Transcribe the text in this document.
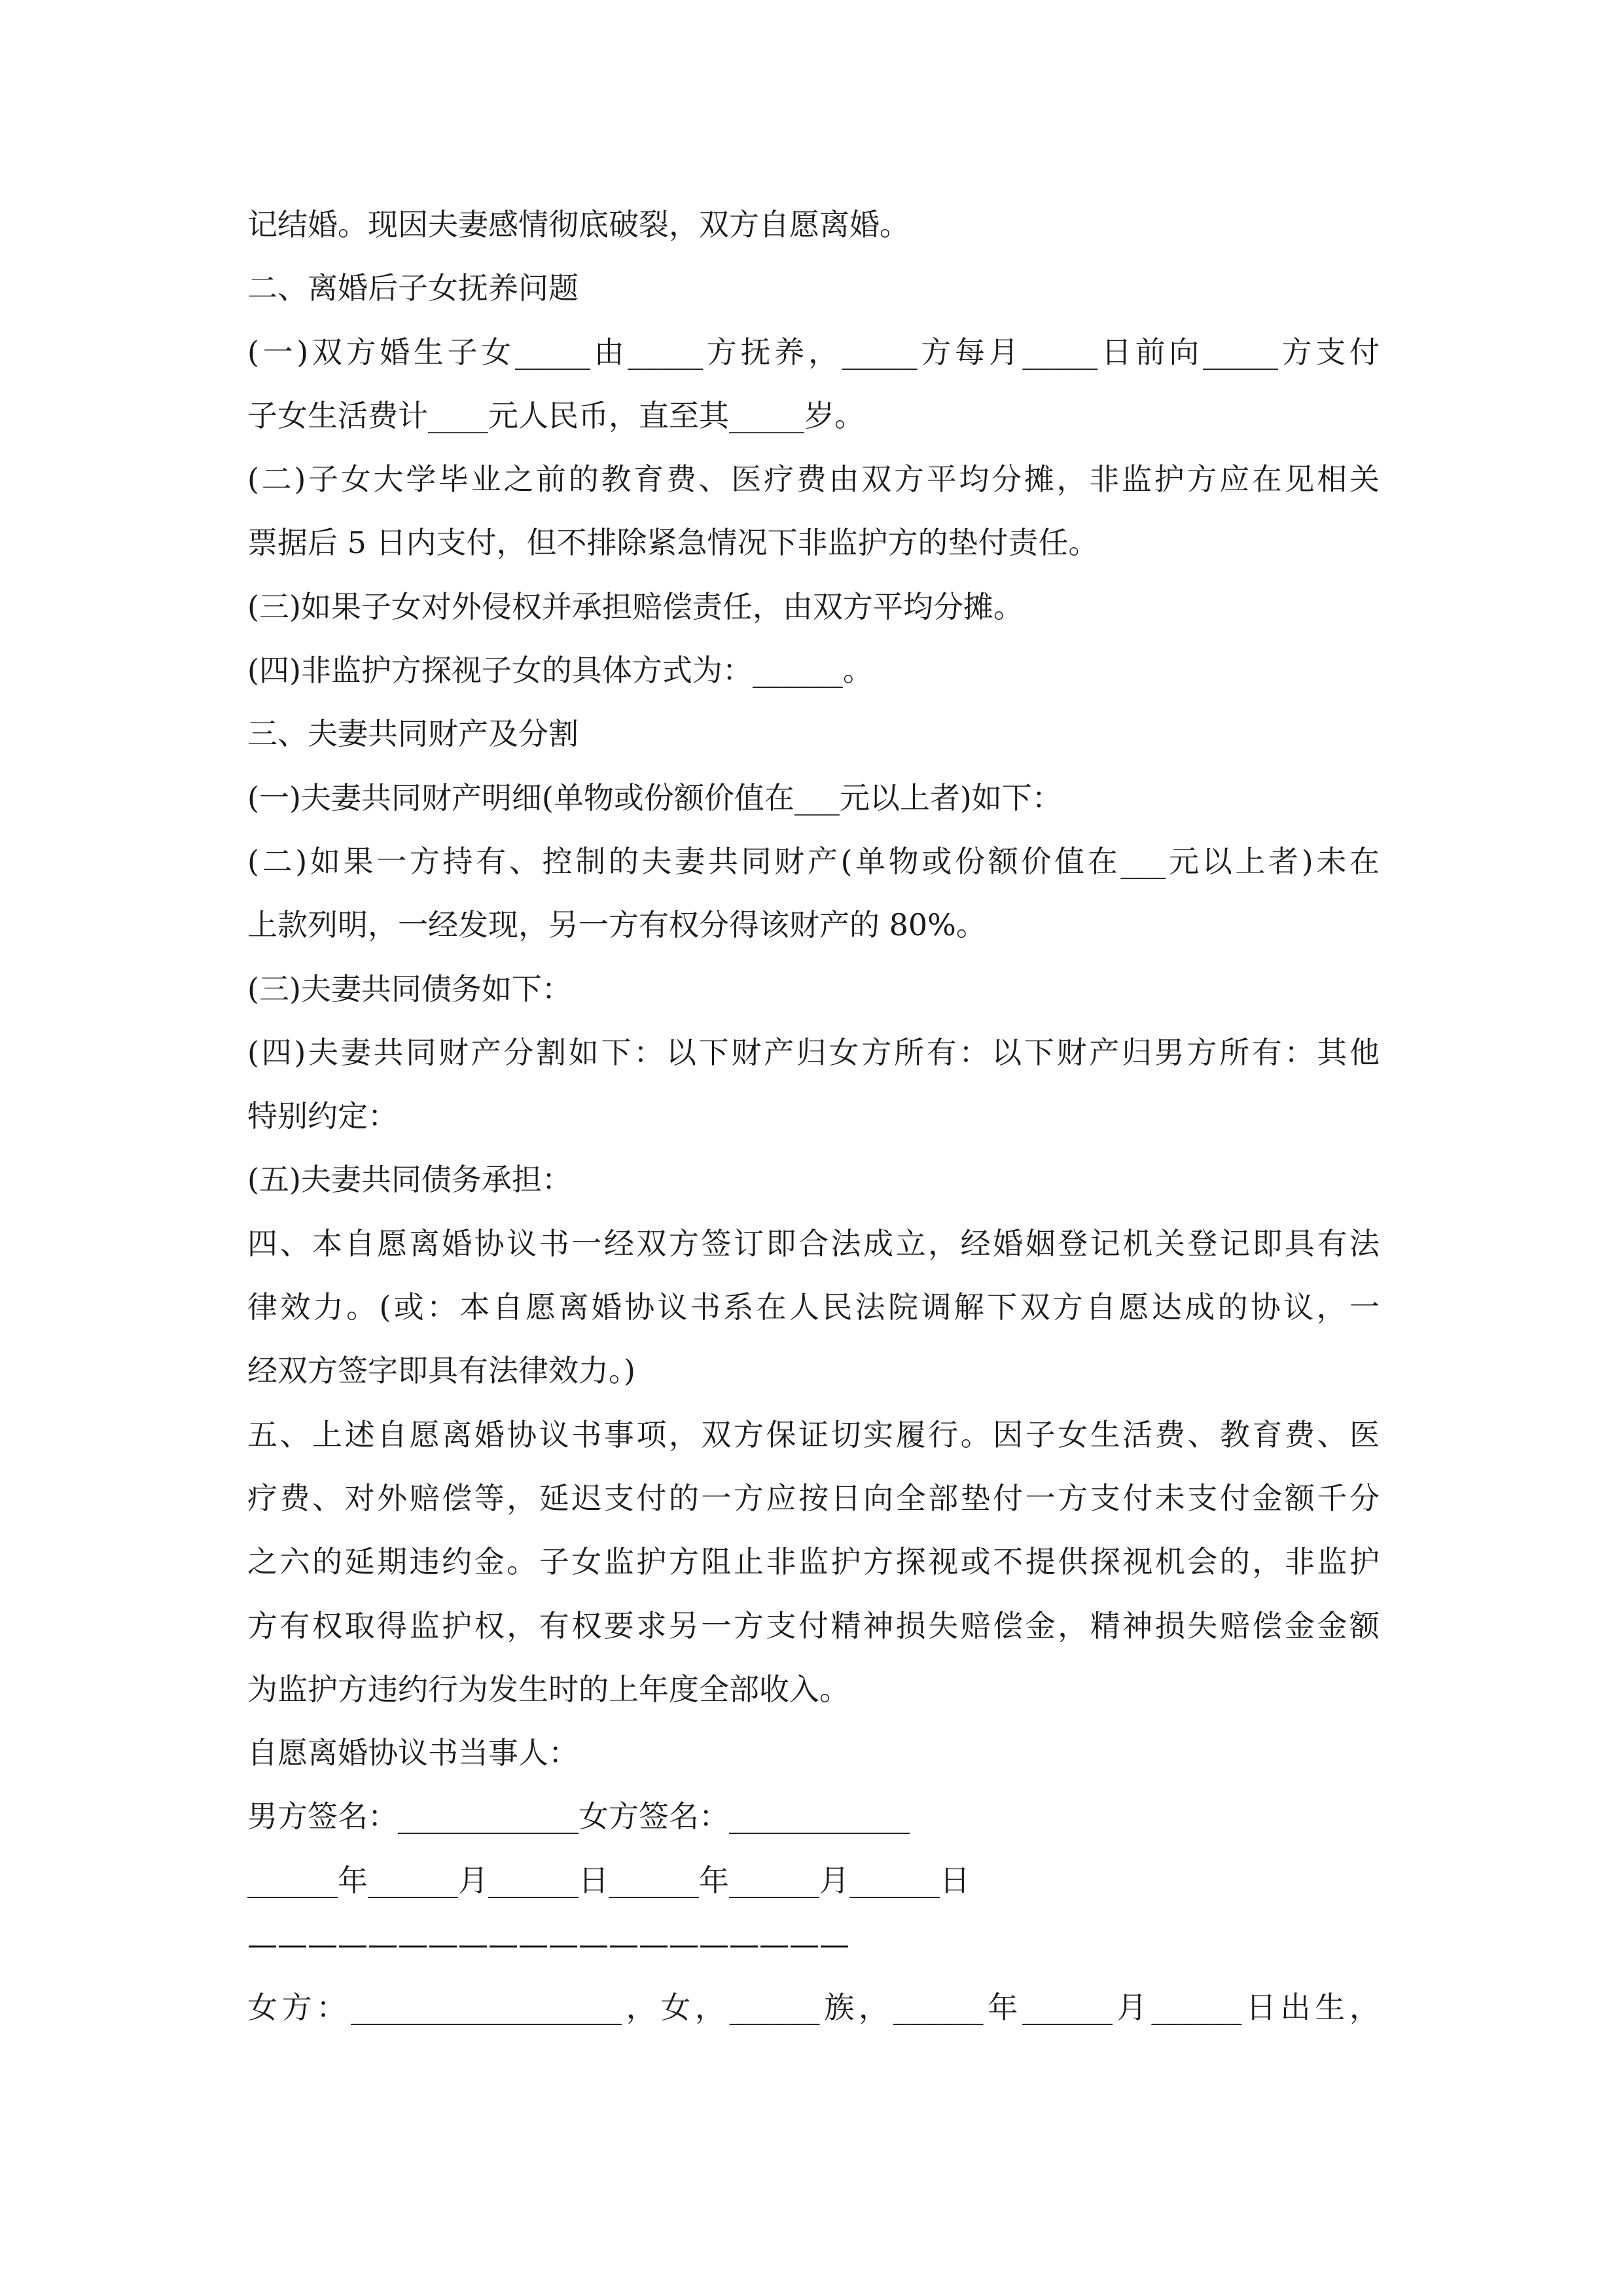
记结婚。现因夫妻感情彻底破裂，双方自愿离婚。
二、离婚后子女抚养问题
(一)双方婚生子女_____由_____方抚养，_____方每月_____日前向_____方支付
子女生活费计____元人民币，直至其_____岁。
(二)子女大学毕业之前的教育费、医疗费由双方平均分摊，非监护方应在见相关
票据后 5 日内支付，但不排除紧急情况下非监护方的垫付责任。
(三)如果子女对外侵权并承担赔偿责任，由双方平均分摊。
(四)非监护方探视子女的具体方式为：______。
三、夫妻共同财产及分割
(一)夫妻共同财产明细(单物或份额价值在___元以上者)如下：
(二)如果一方持有、控制的夫妻共同财产(单物或份额价值在___元以上者)未在
上款列明，一经发现，另一方有权分得该财产的 80%。
(三)夫妻共同债务如下：
(四)夫妻共同财产分割如下：以下财产归女方所有：以下财产归男方所有：其他
特别约定：
(五)夫妻共同债务承担：
四、本自愿离婚协议书一经双方签订即合法成立，经婚姻登记机关登记即具有法
律效力。(或：本自愿离婚协议书系在人民法院调解下双方自愿达成的协议，一
经双方签字即具有法律效力。)
五、上述自愿离婚协议书事项，双方保证切实履行。因子女生活费、教育费、医
疗费、对外赔偿等，延迟支付的一方应按日向全部垫付一方支付未支付金额千分
之六的延期违约金。子女监护方阻止非监护方探视或不提供探视机会的，非监护
方有权取得监护权，有权要求另一方支付精神损失赔偿金，精神损失赔偿金金额
为监护方违约行为发生时的上年度全部收入。
自愿离婚协议书当事人：
男方签名：____________女方签名：____________
______年______月______日______年______月______日
————————————————————
女方：__________________，女，______族，______年______月______日出生，
